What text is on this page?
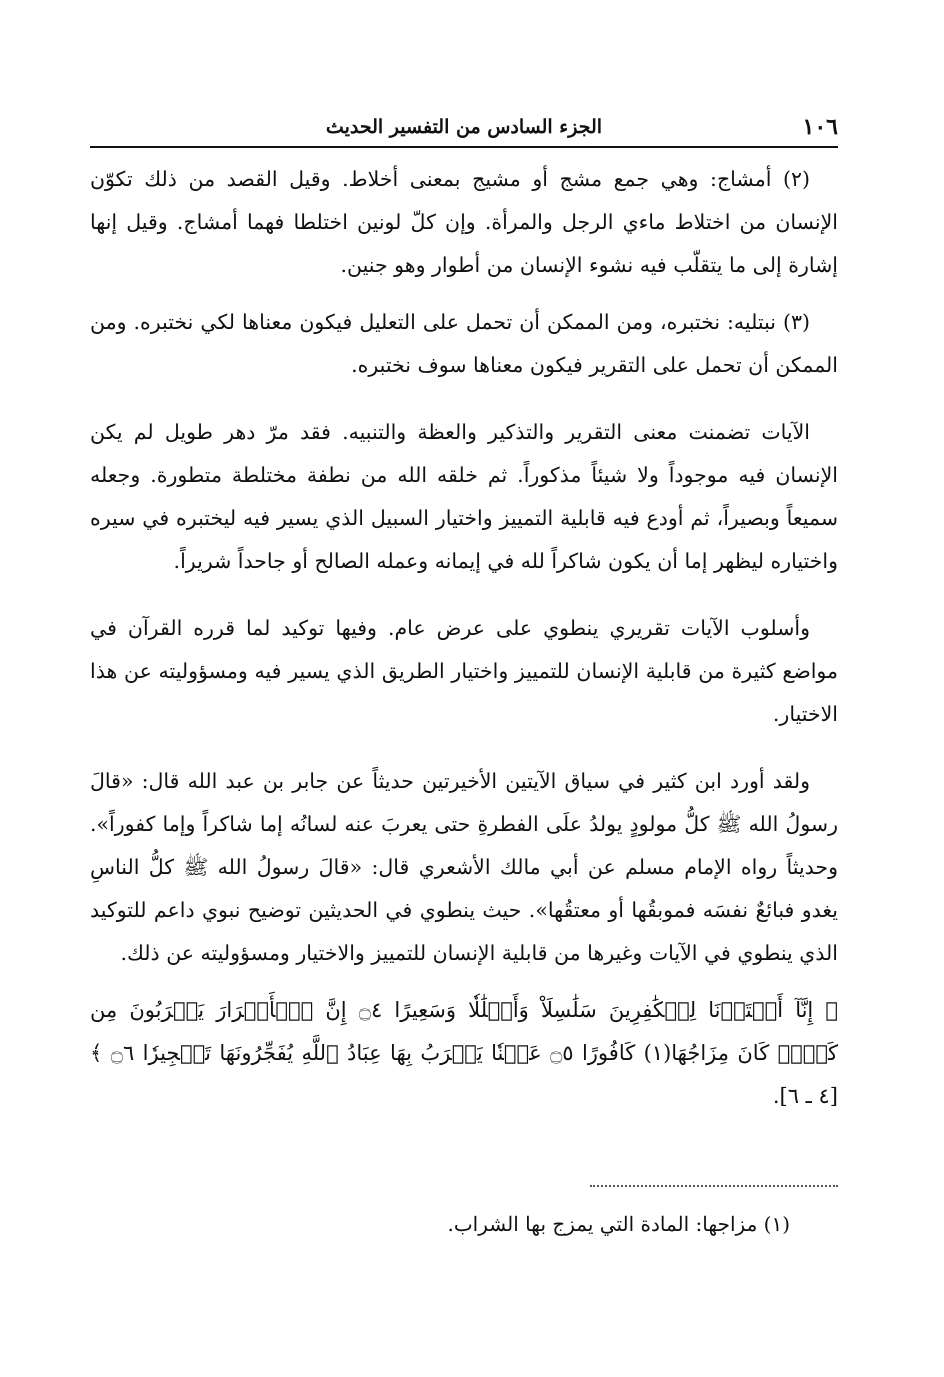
١٠٦
الجزء السادس من التفسير الحديث

(٢) أمشاج: وهي جمع مشج أو مشيج بمعنى أخلاط. وقيل القصد من ذلك تكوّن الإنسان من اختلاط ماءي الرجل والمرأة. وإن كلّ لونين اختلطا فهما أمشاج. وقيل إنها إشارة إلى ما يتقلّب فيه نشوء الإنسان من أطوار وهو جنين.

(٣) نبتليه: نختبره، ومن الممكن أن تحمل على التعليل فيكون معناها لكي نختبره. ومن الممكن أن تحمل على التقرير فيكون معناها سوف نختبره.

الآيات تضمنت معنى التقرير والتذكير والعظة والتنبيه. فقد مرّ دهر طويل لم يكن الإنسان فيه موجوداً ولا شيئاً مذكوراً. ثم خلقه الله من نطفة مختلطة متطورة. وجعله سميعاً وبصيراً، ثم أودع فيه قابلية التمييز واختيار السبيل الذي يسير فيه ليختبره في سيره واختياره ليظهر إما أن يكون شاكراً لله في إيمانه وعمله الصالح أو جاحداً شريراً.

وأسلوب الآيات تقريري ينطوي على عرض عام. وفيها توكيد لما قرره القرآن في مواضع كثيرة من قابلية الإنسان للتمييز واختيار الطريق الذي يسير فيه ومسؤوليته عن هذا الاختيار.

ولقد أورد ابن كثير في سياق الآيتين الأخيرتين حديثاً عن جابر بن عبد الله قال: «قالَ رسولُ الله ﷺ كلُّ مولودٍ يولدُ علَى الفطرةِ حتى يعربَ عنه لسانُه إما شاكراً وإما كفوراً». وحديثاً رواه الإمام مسلم عن أبي مالك الأشعري قال: «قالَ رسولُ الله ﷺ كلُّ الناسِ يغدو فبائعٌ نفسَه فموبقُها أو معتقُها». حيث ينطوي في الحديثين توضيح نبوي داعم للتوكيد الذي ينطوي في الآيات وغيرها من قابلية الإنسان للتمييز والاختيار ومسؤوليته عن ذلك.

﴿ إِنَّآ أَعۡتَدۡنَا لِلۡكَٰفِرِينَ سَلَٰسِلَاْ وَأَغۡلَٰلٗا وَسَعِيرًا ۝٤ إِنَّ ٱلۡأَبۡرَارَ يَشۡرَبُونَ مِن كَأۡسٖ كَانَ مِزَاجُهَا(١) كَافُورًا ۝٥ عَيۡنٗا يَشۡرَبُ بِهَا عِبَادُ ٱللَّهِ يُفَجِّرُونَهَا تَفۡجِيرٗا ۝٦ ﴾ [٤ ـ ٦].

(١) مزاجها: المادة التي يمزج بها الشراب.
